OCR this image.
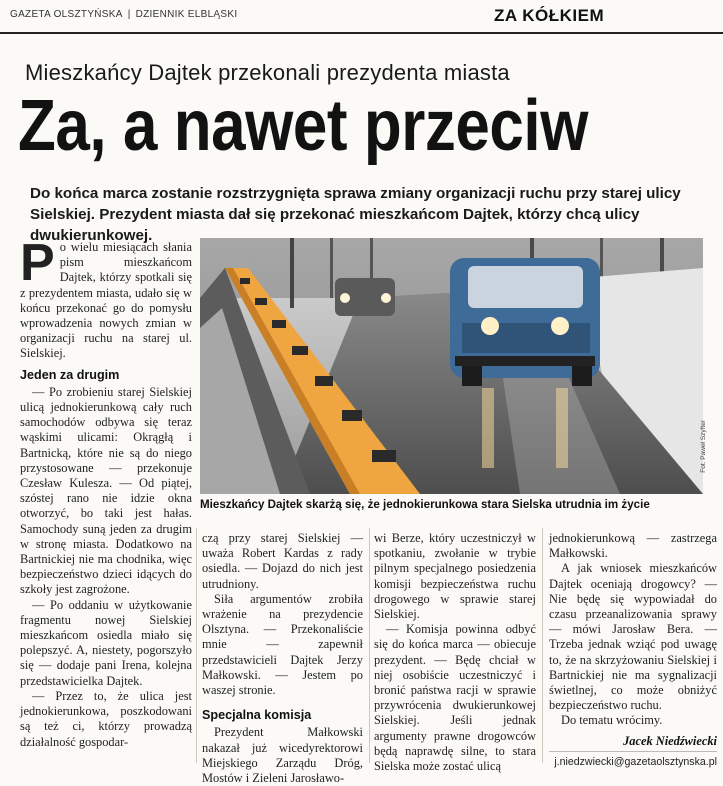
GAZETA OLSZTYŃSKA | DZIENNIK ELBLĄSKI	ZA KÓŁKIEM
Mieszkańcy Dajtek przekonali prezydenta miasta
Za, a nawet przeciw
Do końca marca zostanie rozstrzygnięta sprawa zmiany organizacji ruchu przy starej ulicy Sielskiej. Prezydent miasta dał się przekonać mieszkańcom Dajtek, którzy chcą ulicy dwukierunkowej.
P o wielu miesiącach słania pism mieszkańcom Dajtek, którzy spotkali się z prezydentem miasta, udało się w końcu przekonać go do pomysłu wprowadzenia nowych zmian w organizacji ruchu na starej ul. Sielskiej.

Jeden za drugim

— Po zrobieniu starej Sielskiej ulicą jednokierunkową cały ruch samochodów odbywa się teraz wąskimi ulicami: Okrągłą i Bartnicką, które nie są do niego przystosowane — przekonuje Czesław Kulesza. — Od piątej, szóstej rano nie idzie okna otworzyć, bo taki jest hałas. Samochody suną jeden za drugim w stronę miasta. Dodatkowo na Bartnickiej nie ma chodnika, więc bezpieczeństwo dzieci idących do szkoły jest zagrożone.

— Po oddaniu w użytkowanie fragmentu nowej Sielskiej mieszkańcom osiedla miało się polepszyć. A, niestety, pogorszyło się — dodaje pani Irena, kolejna przedstawicielka Dajtek.

— Przez to, że ulica jest jednokierunkowa, poszkodowani są też ci, którzy prowadzą działalność gospodar-

Fot. Paweł Szyfter
Mieszkańcy Dajtek skarżą się, że jednokierunkowa stara Sielska utrudnia im życie

czą przy starej Sielskiej — uważa Robert Kardas z rady osiedla. — Dojazd do nich jest utrudniony.

Siła argumentów zrobiła wrażenie na prezydencie Olsztyna. — Przekonaliście mnie — zapewnił przedstawicieli Dajtek Jerzy Małkowski. — Jestem po waszej stronie.

Specjalna komisja

Prezydent Małkowski nakazał już wicedyrektorowi Miejskiego Zarządu Dróg, Mostów i Zieleni Jarosławo-

wi Berze, który uczestniczył w spotkaniu, zwołanie w trybie pilnym specjalnego posiedzenia komisji bezpieczeństwa ruchu drogowego w sprawie starej Sielskiej.

— Komisja powinna odbyć się do końca marca — obiecuje prezydent. — Będę chciał w niej osobiście uczestniczyć i bronić państwa racji w sprawie przywrócenia dwukierunkowej Sielskiej. Jeśli jednak argumenty prawne drogowców będą naprawdę silne, to stara Sielska może zostać ulicą

jednokierunkową — zastrzega Małkowski.

A jak wniosek mieszkańców Dajtek oceniają drogowcy? — Nie będę się wypowiadał do czasu przeanalizowania sprawy — mówi Jarosław Bera. — Trzeba jednak wziąć pod uwagę to, że na skrzyżowaniu Sielskiej i Bartnickiej nie ma sygnalizacji świetlnej, co może obniżyć bezpieczeństwo ruchu.

Do tematu wrócimy.

Jacek Niedźwiecki
j.niedzwiecki@gazetaolsztynska.pl
